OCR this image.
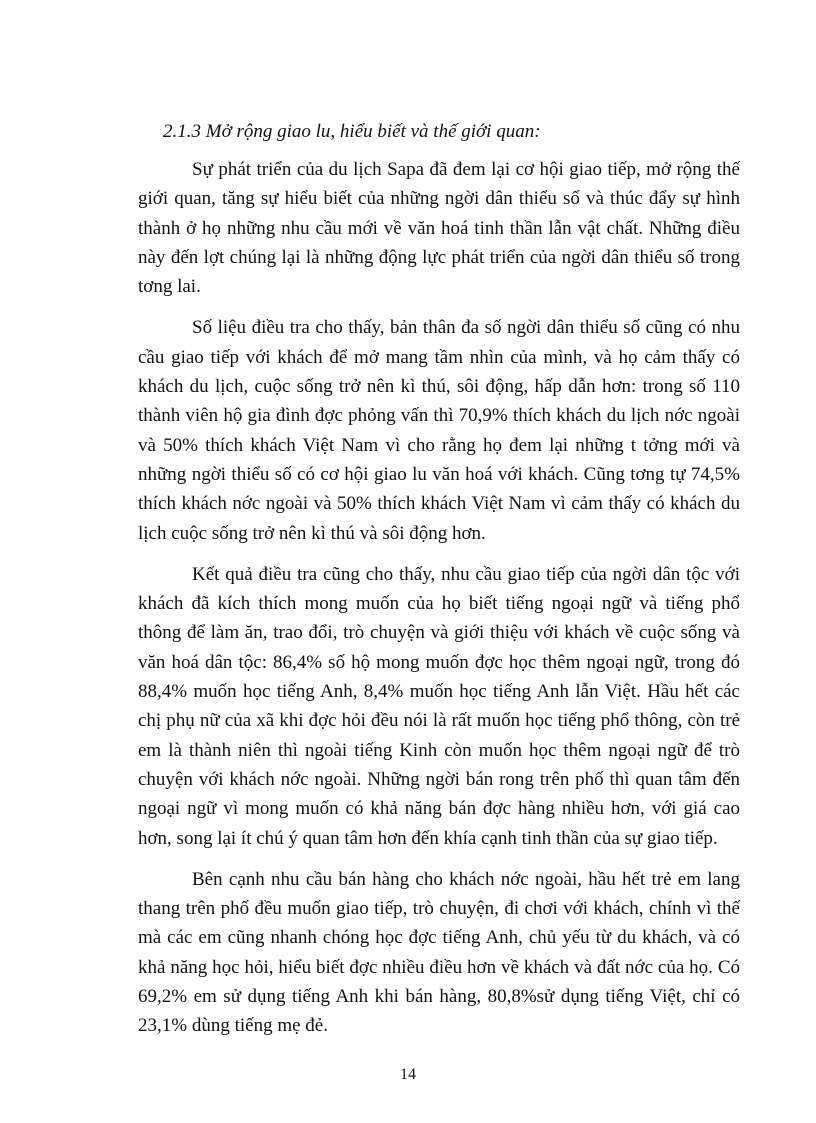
2.1.3 Mở rộng giao lu, hiểu biết và thế giới quan:

Sự phát triển của du lịch Sapa đã đem lại cơ hội giao tiếp, mở rộng thế giới quan, tăng sự hiểu biết của những ngời dân thiểu số và thúc đẩy sự hình thành ở họ những nhu cầu mới về văn hoá tinh thần lẫn vật chất. Những điều này đến lợt chúng lại là những động lực phát triển của ngời dân thiểu số trong tơng lai.

Số liệu điều tra cho thấy, bản thân đa số ngời dân thiểu số cũng có nhu cầu giao tiếp với khách để mở mang tầm nhìn của mình, và họ cảm thấy có khách du lịch, cuộc sống trở nên kì thú, sôi động, hấp dẫn hơn: trong số 110 thành viên hộ gia đình đợc phỏng vấn thì 70,9% thích khách du lịch nớc ngoài và 50% thích khách Việt Nam vì cho rằng họ đem lại những t tởng mới và những ngời thiểu số có cơ hội giao lu văn hoá với khách. Cũng tơng tự 74,5% thích khách nớc ngoài và 50% thích khách Việt Nam vì cảm thấy có khách du lịch cuộc sống trở nên kì thú và sôi động hơn.

Kết quả điều tra cũng cho thấy, nhu cầu giao tiếp của ngời dân tộc với khách đã kích thích mong muốn của họ biết tiếng ngoại ngữ và tiếng phổ thông để làm ăn, trao đổi, trò chuyện và giới thiệu với khách về cuộc sống và văn hoá dân tộc: 86,4% số hộ mong muốn đợc học thêm ngoại ngữ, trong đó 88,4% muốn học tiếng Anh, 8,4% muốn học tiếng Anh lẫn Việt. Hầu hết các chị phụ nữ của xã khi đợc hỏi đều nói là rất muốn học tiếng phổ thông, còn trẻ em là thành niên thì ngoài tiếng Kinh còn muốn học thêm ngoại ngữ để trò chuyện với khách nớc ngoài. Những ngời bán rong trên phố thì quan tâm đến ngoại ngữ vì mong muốn có khả năng bán đợc hàng nhiều hơn, với giá cao hơn, song lại ít chú ý quan tâm hơn đến khía cạnh tinh thần của sự giao tiếp.

Bên cạnh nhu cầu bán hàng cho khách nớc ngoài, hầu hết trẻ em lang thang trên phố đều muốn giao tiếp, trò chuyện, đi chơi với khách, chính vì thế mà các em cũng nhanh chóng học đợc tiếng Anh, chủ yếu từ du khách, và có khả năng học hỏi, hiểu biết đợc nhiều điều hơn về khách và đất nớc của họ. Có 69,2% em sử dụng tiếng Anh khi bán hàng, 80,8%sử dụng tiếng Việt, chỉ có 23,1% dùng tiếng mẹ đẻ.

14
